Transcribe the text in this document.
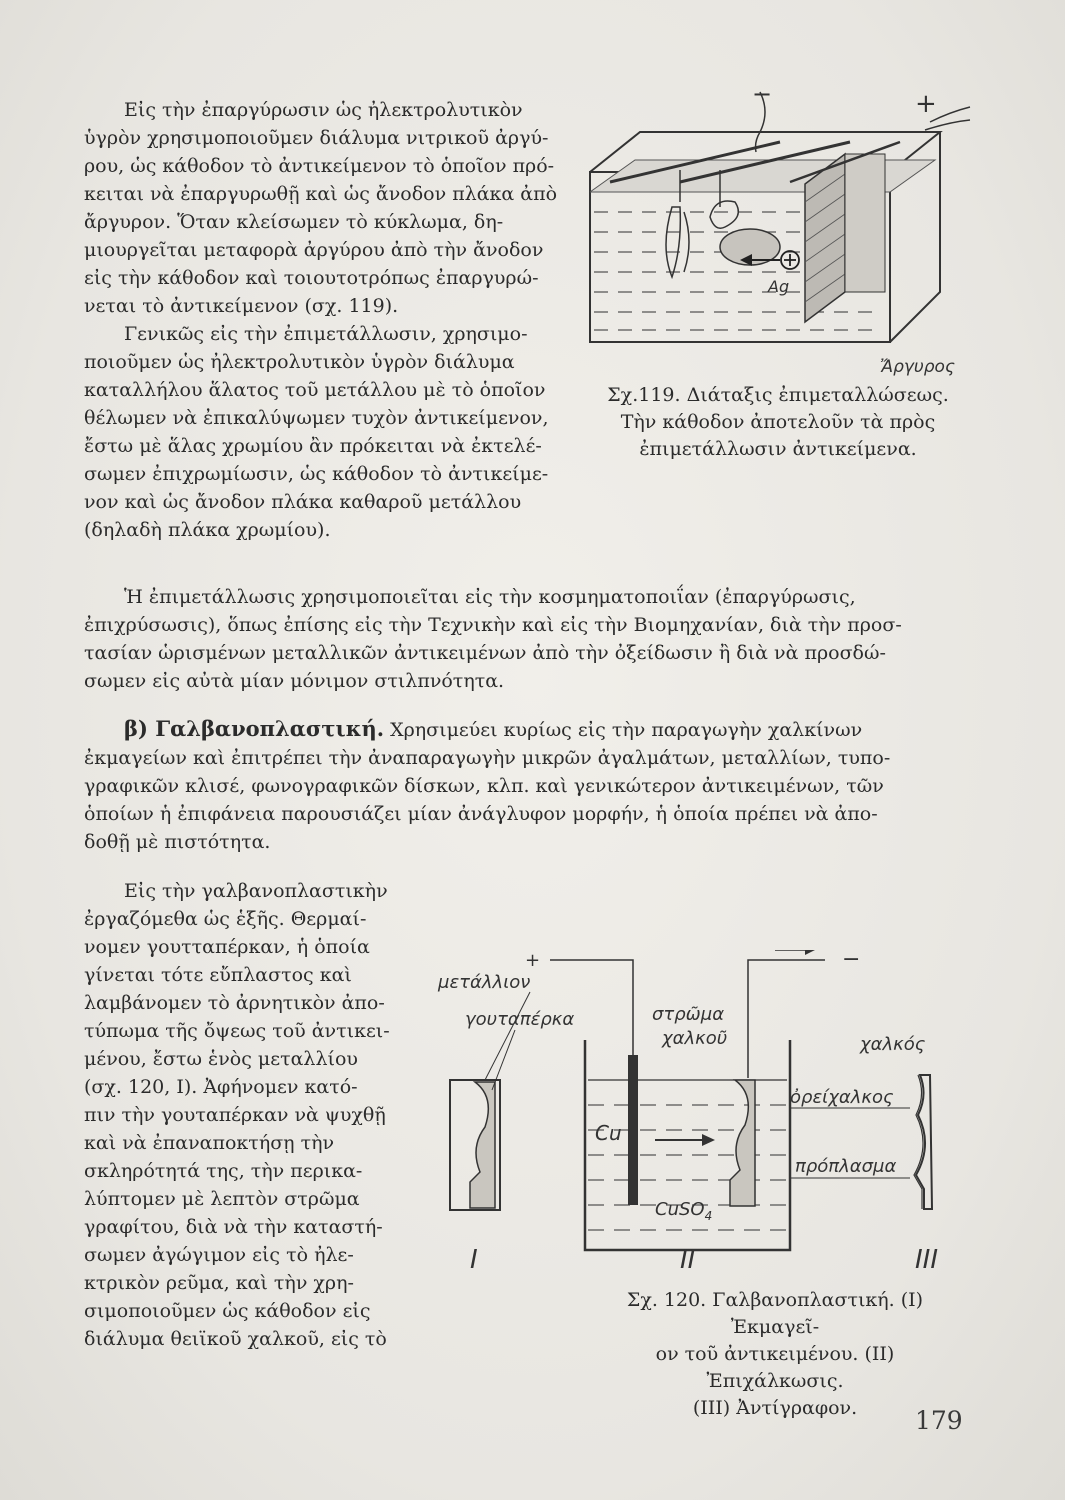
Εἰς τὴν ἐπαργύρωσιν ὡς ἠλεκτρολυτικὸν
ὑγρὸν χρησιμοποιοῦμεν διάλυμα νιτρικοῦ ἀργύ-
ρου, ὡς κάθοδον τὸ ἀντικείμενον τὸ ὁποῖον πρό-
κειται νὰ ἐπαργυρωθῇ καὶ ὡς ἄνοδον πλάκα ἀπὸ
ἄργυρον. Ὅταν κλείσωμεν τὸ κύκλωμα, δη-
μιουργεῖται μεταφορὰ ἀργύρου ἀπὸ τὴν ἄνοδον
εἰς τὴν κάθοδον καὶ τοιουτοτρόπως ἐπαργυρώ-
νεται τὸ ἀντικείμενον (σχ. 119).
Γενικῶς εἰς τὴν ἐπιμετάλλωσιν, χρησιμο-
ποιοῦμεν ὡς ἠλεκτρολυτικὸν ὑγρὸν διάλυμα
καταλλήλου ἅλατος τοῦ μετάλλου μὲ τὸ ὁποῖον
θέλωμεν νὰ ἐπικαλύψωμεν τυχὸν ἀντικείμενον,
ἔστω μὲ ἅλας χρωμίου ἂν πρόκειται νὰ ἐκτελέ-
σωμεν ἐπιχρωμίωσιν, ὡς κάθοδον τὸ ἀντικείμε-
νον καὶ ὡς ἄνοδον πλάκα καθαροῦ μετάλλου
(δηλαδὴ πλάκα χρωμίου).
−	+
Ag
Ἄργυρος
Σχ.119. Διάταξις ἐπιμεταλλώσεως.
Τὴν κάθοδον ἀποτελοῦν τὰ πρὸς
ἐπιμετάλλωσιν ἀντικείμενα.
Ἡ ἐπιμετάλλωσις χρησιμοποιεῖται εἰς τὴν κοσμηματοποιΐαν (ἐπαργύρωσις,
ἐπιχρύσωσις), ὅπως ἐπίσης εἰς τὴν Τεχνικὴν καὶ εἰς τὴν Βιομηχανίαν, διὰ τὴν προσ-
τασίαν ὡρισμένων μεταλλικῶν ἀντικειμένων ἀπὸ τὴν ὀξείδωσιν ἢ διὰ νὰ προσδώ-
σωμεν εἰς αὐτὰ μίαν μόνιμον στιλπνότητα.
β) Γαλβανοπλαστική. Χρησιμεύει κυρίως εἰς τὴν παραγωγὴν χαλκίνων
ἐκμαγείων καὶ ἐπιτρέπει τὴν ἀναπαραγωγὴν μικρῶν ἀγαλμάτων, μεταλλίων, τυπο-
γραφικῶν κλισέ, φωνογραφικῶν δίσκων, κλπ. καὶ γενικώτερον ἀντικειμένων, τῶν
ὁποίων ἡ ἐπιφάνεια παρουσιάζει μίαν ἀνάγλυφον μορφήν, ἡ ὁποία πρέπει νὰ ἀπο-
δοθῇ μὲ πιστότητα.
Εἰς τὴν γαλβανοπλαστικὴν
ἐργαζόμεθα ὡς ἑξῆς. Θερμαί-
νομεν γουτταπέρκαν, ἡ ὁποία
γίνεται τότε εὔπλαστος καὶ
λαμβάνομεν τὸ ἀρνητικὸν ἀπο-
τύπωμα τῆς ὄψεως τοῦ ἀντικει-
μένου, ἔστω ἑνὸς μεταλλίου
(σχ. 120, Ι). Ἀφήνομεν κατό-
πιν τὴν γουταπέρκαν νὰ ψυχθῇ
καὶ νὰ ἐπαναποκτήσῃ τὴν
σκληρότητά της, τὴν περικα-
λύπτομεν μὲ λεπτὸν στρῶμα
γραφίτου, διὰ νὰ τὴν καταστή-
σωμεν ἀγώγιμον εἰς τὸ ἠλε-
κτρικὸν ρεῦμα, καὶ τὴν χρη-
σιμοποιοῦμεν ὡς κάθοδον εἰς
διάλυμα θειϊκοῦ χαλκοῦ, εἰς τὸ
μετάλλιον
γουταπέρκα
I
+	−
Cu
CuSO$_4$
στρῶμα
χαλκοῦ
II
χαλκός
ὀρείχαλκος
πρόπλασμα
III
Σχ. 120. Γαλβανοπλαστική. (Ι) Ἐκμαγεῖ-
ον τοῦ ἀντικειμένου. (ΙΙ) Ἐπιχάλκωσις.
(ΙΙΙ) Ἀντίγραφον.	179
